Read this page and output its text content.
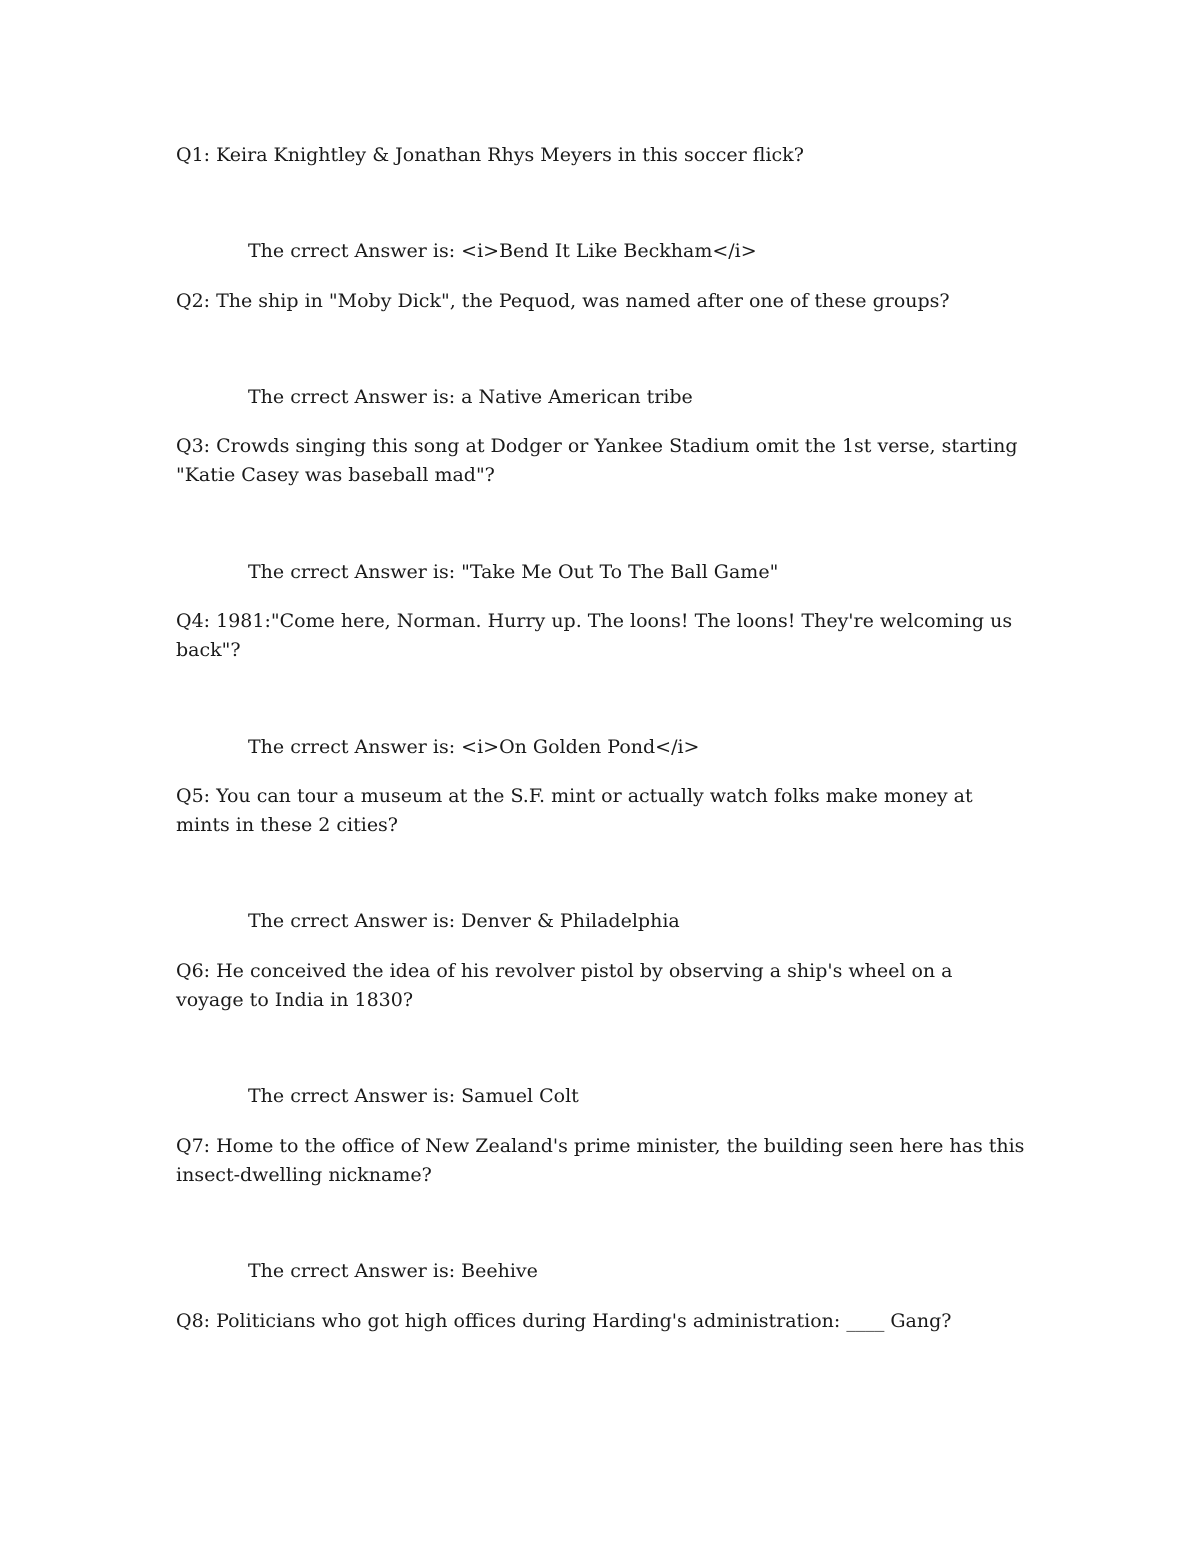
Q1: Keira Knightley & Jonathan Rhys Meyers in this soccer flick?
The crrect Answer is: <i>Bend It Like Beckham</i>
Q2: The ship in "Moby Dick", the Pequod, was named after one of these groups?
The crrect Answer is: a Native American tribe
Q3: Crowds singing this song at Dodger or Yankee Stadium omit the 1st verse, starting "Katie Casey was baseball mad"?
The crrect Answer is: "Take Me Out To The Ball Game"
Q4: 1981:"Come here, Norman. Hurry up. The loons! The loons! They're welcoming us back"?
The crrect Answer is: <i>On Golden Pond</i>
Q5: You can tour a museum at the S.F. mint or actually watch folks make money at mints in these 2 cities?
The crrect Answer is: Denver & Philadelphia
Q6: He conceived the idea of his revolver pistol by observing a ship's wheel on a voyage to India in 1830?
The crrect Answer is: Samuel Colt
Q7: Home to the office of New Zealand's prime minister, the building seen here has this insect-dwelling nickname?
The crrect Answer is: Beehive
Q8: Politicians who got high offices during Harding's administration: ____ Gang?
